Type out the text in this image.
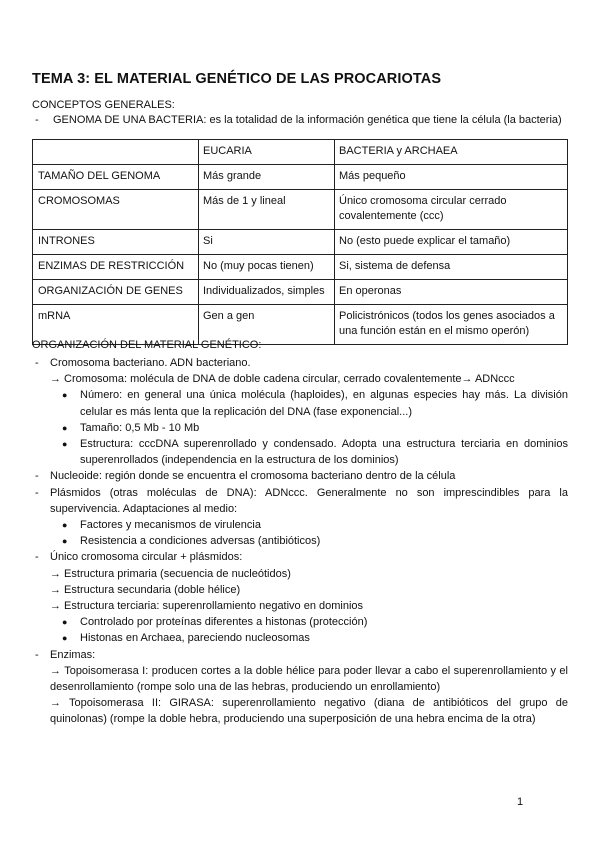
TEMA 3: EL MATERIAL GENÉTICO DE LAS PROCARIOTAS
CONCEPTOS GENERALES:
- GENOMA DE UNA BACTERIA: es la totalidad de la información genética que tiene la célula (la bacteria)
	EUCARIA	BACTERIA y ARCHAEA
TAMAÑO DEL GENOMA	Más grande	Más pequeño
CROMOSOMAS	Más de 1 y lineal	Único cromosoma circular cerrado covalentemente (ccc)
INTRONES	Si	No (esto puede explicar el tamaño)
ENZIMAS DE RESTRICCIÓN	No (muy pocas tienen)	Si, sistema de defensa
ORGANIZACIÓN DE GENES	Individualizados, simples	En operonas
mRNA	Gen a gen	Policistrónicos (todos los genes asociados a una función están en el mismo operón)
ORGANIZACIÓN DEL MATERIAL GENÉTICO:
- Cromosoma bacteriano. ADN bacteriano.
→ Cromosoma: molécula de DNA de doble cadena circular, cerrado covalentemente→ ADNccc
● Número: en general una única molécula (haploides), en algunas especies hay más. La división celular es más lenta que la replicación del DNA (fase exponencial...)
● Tamaño: 0,5 Mb - 10 Mb
● Estructura: cccDNA superenrollado y condensado. Adopta una estructura terciaria en dominios superenrollados (independencia en la estructura de los dominios)
- Nucleoide: región donde se encuentra el cromosoma bacteriano dentro de la célula
- Plásmidos (otras moléculas de DNA): ADNccc. Generalmente no son imprescindibles para la supervivencia. Adaptaciones al medio:
● Factores y mecanismos de virulencia
● Resistencia a condiciones adversas (antibióticos)
- Único cromosoma circular + plásmidos:
→ Estructura primaria (secuencia de nucleótidos)
→ Estructura secundaria (doble hélice)
→ Estructura terciaria: superenrollamiento negativo en dominios
● Controlado por proteínas diferentes a histonas (protección)
● Histonas en Archaea, pareciendo nucleosomas
- Enzimas:
→ Topoisomerasa I: producen cortes a la doble hélice para poder llevar a cabo el superenrollamiento y el desenrollamiento (rompe solo una de las hebras, produciendo un enrollamiento)
→ Topoisomerasa II: GIRASA: superenrollamiento negativo (diana de antibióticos del grupo de quinolonas) (rompe la doble hebra, produciendo una superposición de una hebra encima de la otra)
1
